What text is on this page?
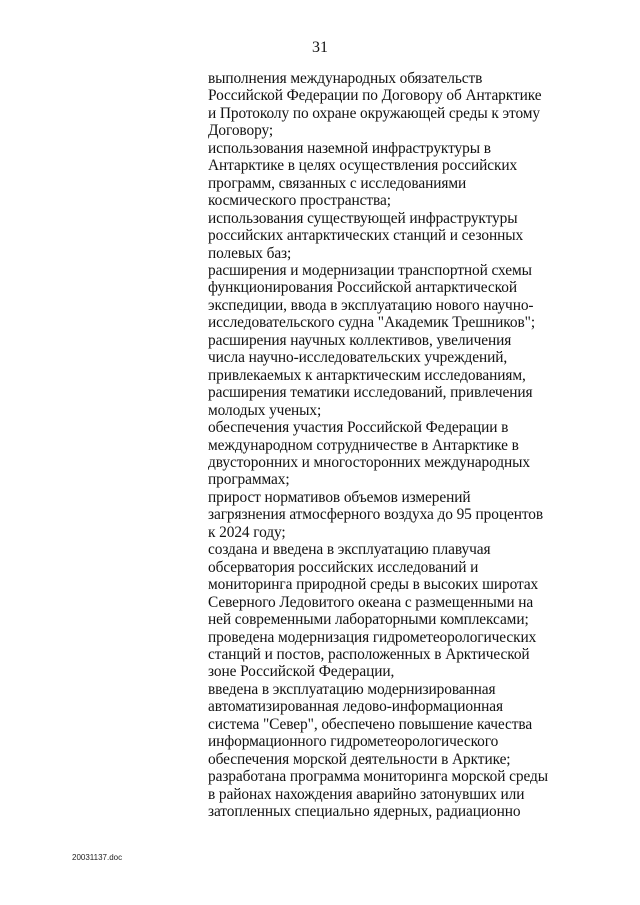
31
выполнения международных обязательств
Российской Федерации по Договору об Антарктике
и Протоколу по охране окружающей среды к этому
Договору;
использования наземной инфраструктуры в
Антарктике в целях осуществления российских
программ, связанных с исследованиями
космического пространства;
использования существующей инфраструктуры
российских антарктических станций и сезонных
полевых баз;
расширения и модернизации транспортной схемы
функционирования Российской антарктической
экспедиции, ввода в эксплуатацию нового научно-
исследовательского судна "Академик Трешников";
расширения научных коллективов, увеличения
числа научно-исследовательских учреждений,
привлекаемых к антарктическим исследованиям,
расширения тематики исследований, привлечения
молодых ученых;
обеспечения участия Российской Федерации в
международном сотрудничестве в Антарктике в
двусторонних и многосторонних международных
программах;
прирост нормативов объемов измерений
загрязнения атмосферного воздуха до 95 процентов
к 2024 году;
создана и введена в эксплуатацию плавучая
обсерватория российских исследований и
мониторинга природной среды в высоких широтах
Северного Ледовитого океана с размещенными на
ней современными лабораторными комплексами;
проведена модернизация гидрометеорологических
станций и постов, расположенных в Арктической
зоне Российской Федерации,
введена в эксплуатацию модернизированная
автоматизированная ледово-информационная
система "Север", обеспечено повышение качества
информационного гидрометеорологического
обеспечения морской деятельности в Арктике;
разработана программа мониторинга морской среды
в районах нахождения аварийно затонувших или
затопленных специально ядерных, радиационно
20031137.doc
